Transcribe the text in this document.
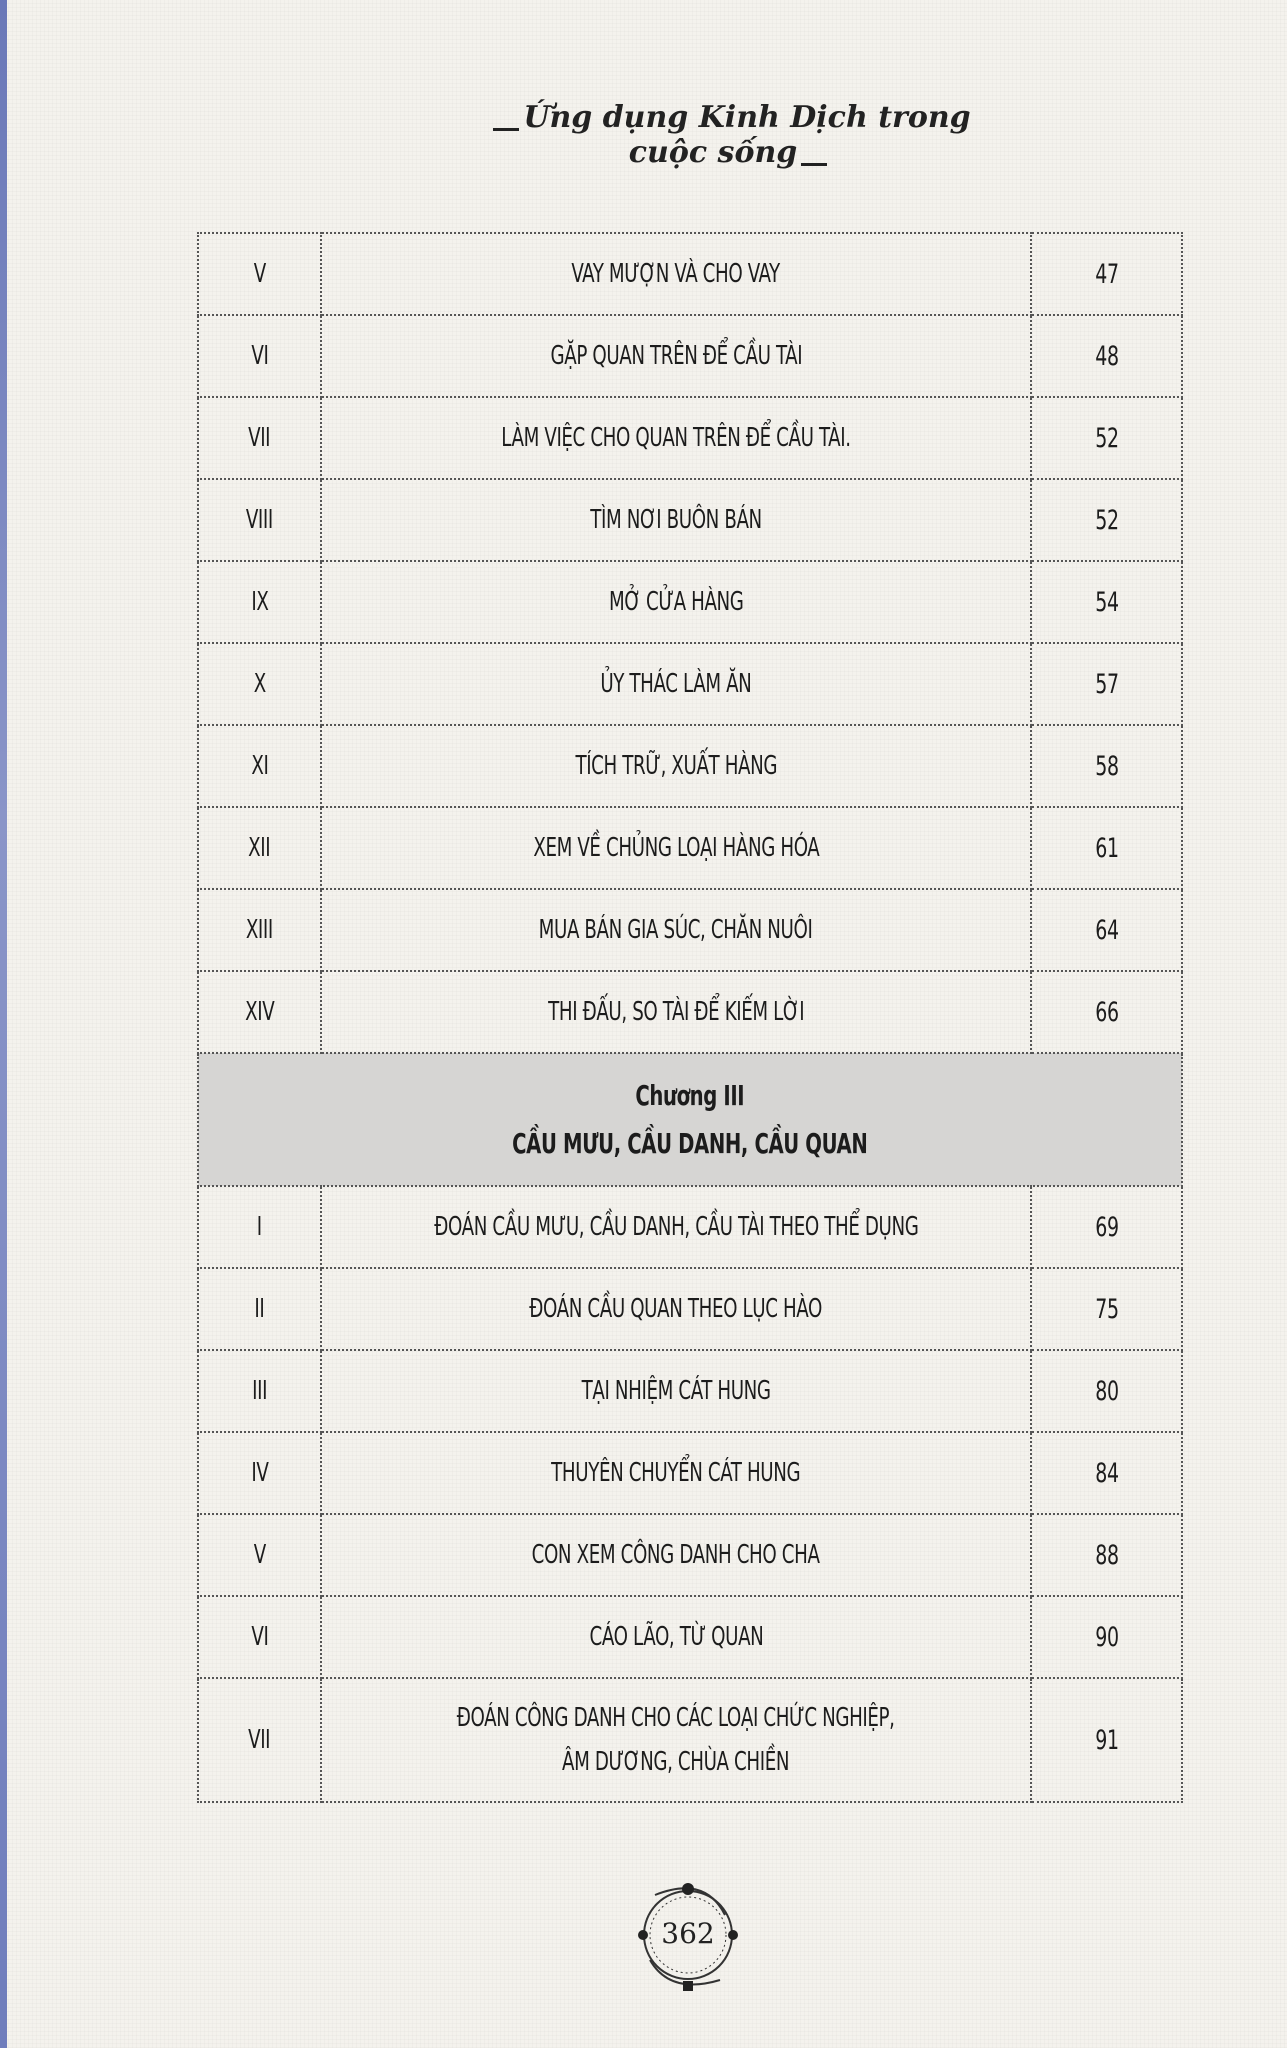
Ứng dụng Kinh Dịch trong cuộc sống
V	VAY MƯỢN VÀ CHO VAY	47
VI	GẶP QUAN TRÊN ĐỂ CẦU TÀI	48
VII	LÀM VIỆC CHO QUAN TRÊN ĐỂ CẦU TÀI.	52
VIII	TÌM NƠI BUÔN BÁN	52
IX	MỞ CỬA HÀNG	54
X	ỦY THÁC LÀM ĂN	57
XI	TÍCH TRỮ, XUẤT HÀNG	58
XII	XEM VỀ CHỦNG LOẠI HÀNG HÓA	61
XIII	MUA BÁN GIA SÚC, CHĂN NUÔI	64
XIV	THI ĐẤU, SO TÀI ĐỂ KIẾM LỜI	66

Chương III
CẦU MƯU, CẦU DANH, CẦU QUAN		

I	ĐOÁN CẦU MƯU, CẦU DANH, CẦU TÀI THEO THỂ DỤNG	69
II	ĐOÁN CẦU QUAN THEO LỤC HÀO	75
III	TẠI NHIỆM CÁT HUNG	80
IV	THUYÊN CHUYỂN CÁT HUNG	84
V	CON XEM CÔNG DANH CHO CHA	88
VI	CÁO LÃO, TỪ QUAN	90
VII	ĐOÁN CÔNG DANH CHO CÁC LOẠI CHỨC NGHIỆP,
ÂM DƯƠNG, CHÙA CHIỀN	91
362
